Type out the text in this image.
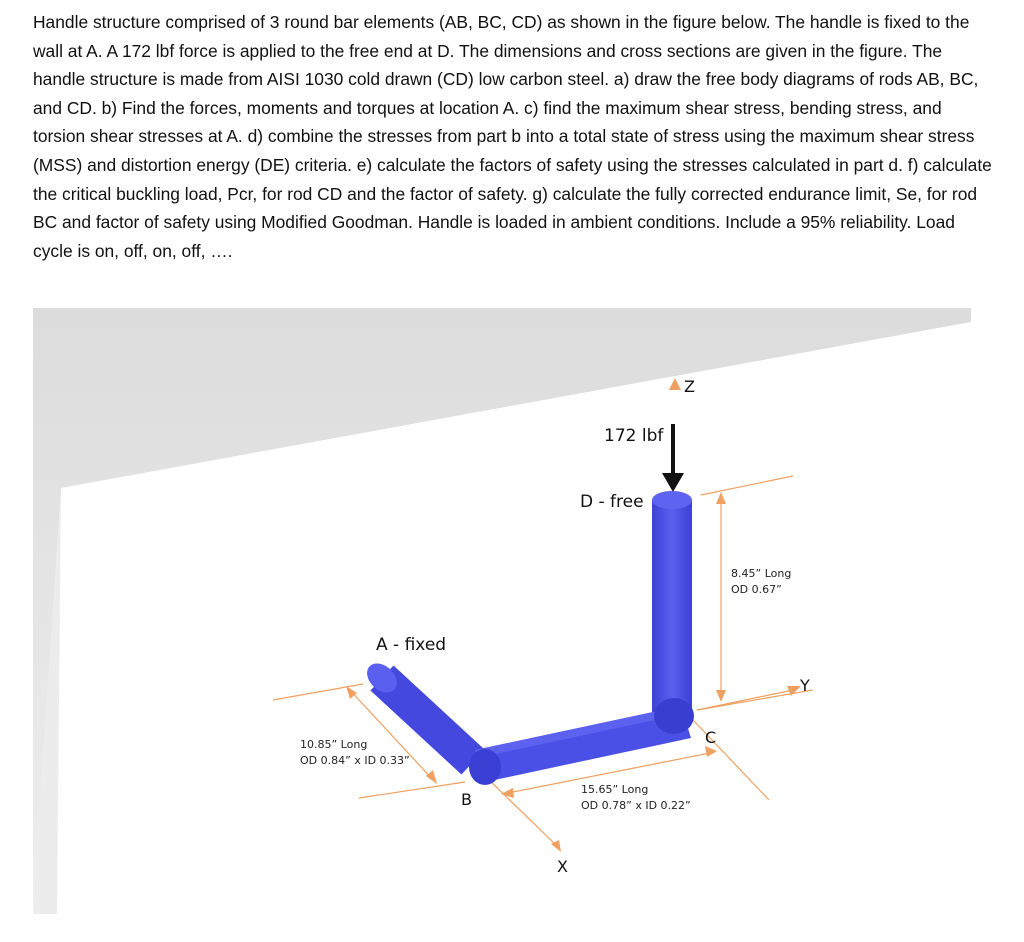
Handle structure comprised of 3 round bar elements (AB, BC, CD) as shown in the figure below. The handle is fixed to the wall at A. A 172 lbf force is applied to the free end at D. The dimensions and cross sections are given in the figure. The handle structure is made from AISI 1030 cold drawn (CD) low carbon steel. a) draw the free body diagrams of rods AB, BC, and CD. b) Find the forces, moments and torques at location A. c) find the maximum shear stress, bending stress, and torsion shear stresses at A. d) combine the stresses from part b into a total state of stress using the maximum shear stress (MSS) and distortion energy (DE) criteria. e) calculate the factors of safety using the stresses calculated in part d. f) calculate the critical buckling load, Pcr, for rod CD and the factor of safety. g) calculate the fully corrected endurance limit, Se, for rod BC and factor of safety using Modified Goodman. Handle is loaded in ambient conditions. Include a 95% reliability. Load cycle is on, off, on, off, ….

Z
172 lbf
D - free
8.45” Long
OD 0.67”
Y
A - fixed
10.85” Long
OD 0.84” x ID 0.33”
15.65” Long
OD 0.78” x ID 0.22”
X
B
C
